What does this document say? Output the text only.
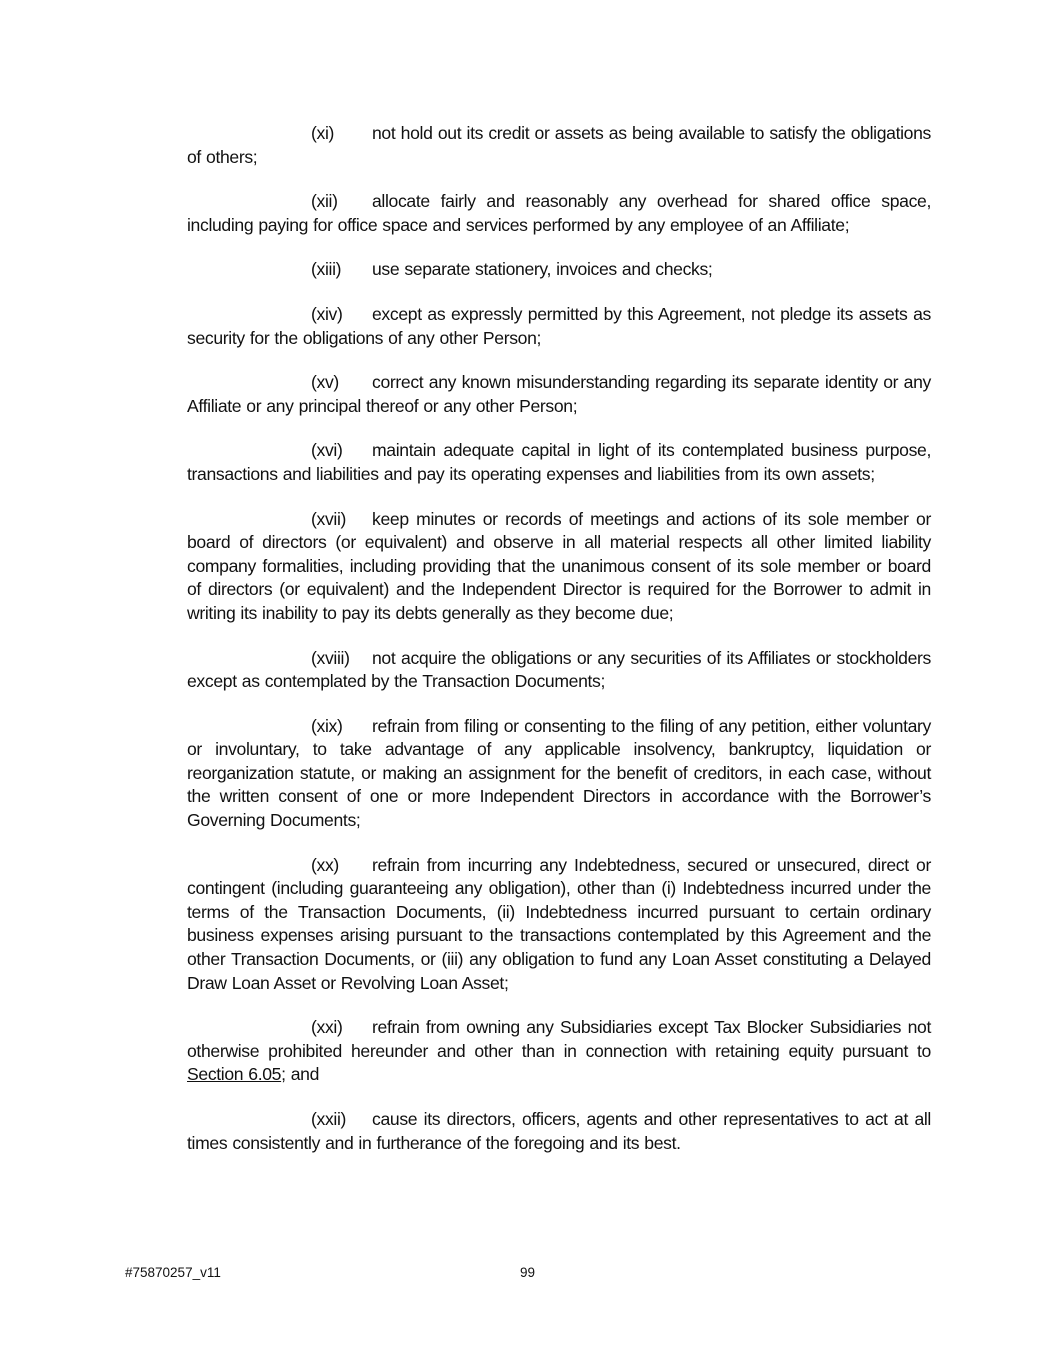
(xi) not hold out its credit or assets as being available to satisfy the obligations of others;

(xii) allocate fairly and reasonably any overhead for shared office space, including paying for office space and services performed by any employee of an Affiliate;

(xiii) use separate stationery, invoices and checks;

(xiv) except as expressly permitted by this Agreement, not pledge its assets as security for the obligations of any other Person;

(xv) correct any known misunderstanding regarding its separate identity or any Affiliate or any principal thereof or any other Person;

(xvi) maintain adequate capital in light of its contemplated business purpose, transactions and liabilities and pay its operating expenses and liabilities from its own assets;

(xvii) keep minutes or records of meetings and actions of its sole member or board of directors (or equivalent) and observe in all material respects all other limited liability company formalities, including providing that the unanimous consent of its sole member or board of directors (or equivalent) and the Independent Director is required for the Borrower to admit in writing its inability to pay its debts generally as they become due;

(xviii) not acquire the obligations or any securities of its Affiliates or stockholders except as contemplated by the Transaction Documents;

(xix) refrain from filing or consenting to the filing of any petition, either voluntary or involuntary, to take advantage of any applicable insolvency, bankruptcy, liquidation or reorganization statute, or making an assignment for the benefit of creditors, in each case, without the written consent of one or more Independent Directors in accordance with the Borrower’s Governing Documents;

(xx) refrain from incurring any Indebtedness, secured or unsecured, direct or contingent (including guaranteeing any obligation), other than (i) Indebtedness incurred under the terms of the Transaction Documents, (ii) Indebtedness incurred pursuant to certain ordinary business expenses arising pursuant to the transactions contemplated by this Agreement and the other Transaction Documents, or (iii) any obligation to fund any Loan Asset constituting a Delayed Draw Loan Asset or Revolving Loan Asset;

(xxi) refrain from owning any Subsidiaries except Tax Blocker Subsidiaries not otherwise prohibited hereunder and other than in connection with retaining equity pursuant to Section 6.05; and

(xxii) cause its directors, officers, agents and other representatives to act at all times consistently and in furtherance of the foregoing and its best.

#75870257_v11	99
